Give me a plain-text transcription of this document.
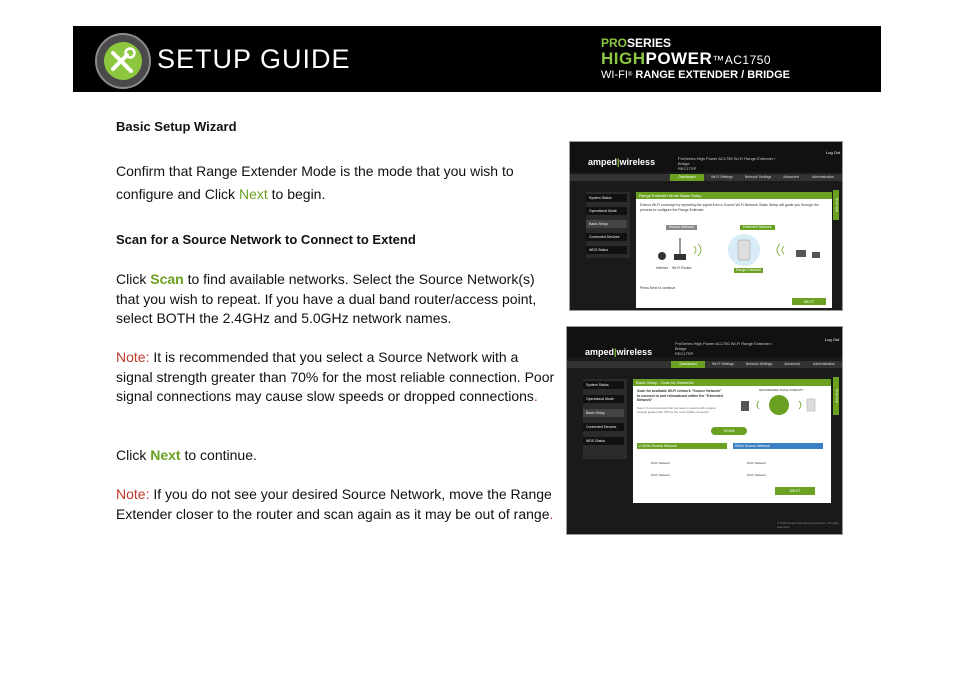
SETUP GUIDE
PROSERIES
HIGHPOWER™AC1750
WI-FI® RANGE EXTENDER / BRIDGE
Basic Setup Wizard
Confirm that Range Extender Mode is the mode that you wish to configure and Click Next to begin.
Scan for a Source Network to Connect to Extend
Click Scan to find available networks. Select the Source Network(s) that you wish to repeat. If you have a dual band router/access point, select BOTH the 2.4GHz and 5.0GHz network names.
Note: It is recommended that you select a Source Network with a signal strength greater than 70% for the most reliable connection. Poor signal connections may cause slow speeds or dropped connections.
Click Next to continue.
Note: If you do not see your desired Source Network, move the Range Extender closer to the router and scan again as it may be out of range.
amped|wireless	ProSeries High Power AC1750 Wi-Fi Range Extender / Bridge
REC17SP
Log Out
Dashboard	Wi-Fi Settings	Network Settings	Advanced	Administration
System Status
Operational Mode
Basic Setup
Connected Devices
WDS Status
Range Extender Mode Basic Setup
Extend Wi-Fi coverage by repeating the signal from a Source Wi-Fi Network. Basic Setup will guide you through the process to configure the Range Extender.
Source Network	Extended Network
Internet Wi-Fi Router	Range Extender
Press Next to continue.
NEXT
Need Help
amped|wireless
ProSeries High Power AC1750 Wi-Fi Range Extender / Bridge
REC17SP
Log Out
Dashboard	Wi-Fi Settings	Network Settings	Advanced	Administration
System Status
Operational Mode
Basic Setup
Connected Devices
WDS Status
Basic Setup - Scan for Networks
Scan for available Wi-Fi network "Source Network" to connect to and rebroadcast within the "Extended Network"
Note: It is recommended that you select a network with a signal strength greater than 70% for the most reliable connection.
RECOMMENDED SIGNAL STRENGTH
SCAN
2.4GHz Source Network	5GHz Source Network
Wi-Fi Network
Wi-Fi Network
Wi-Fi Network
Wi-Fi Network
NEXT
Need Help
© 2013 Amped Wireless Corporation. All rights reserved.
